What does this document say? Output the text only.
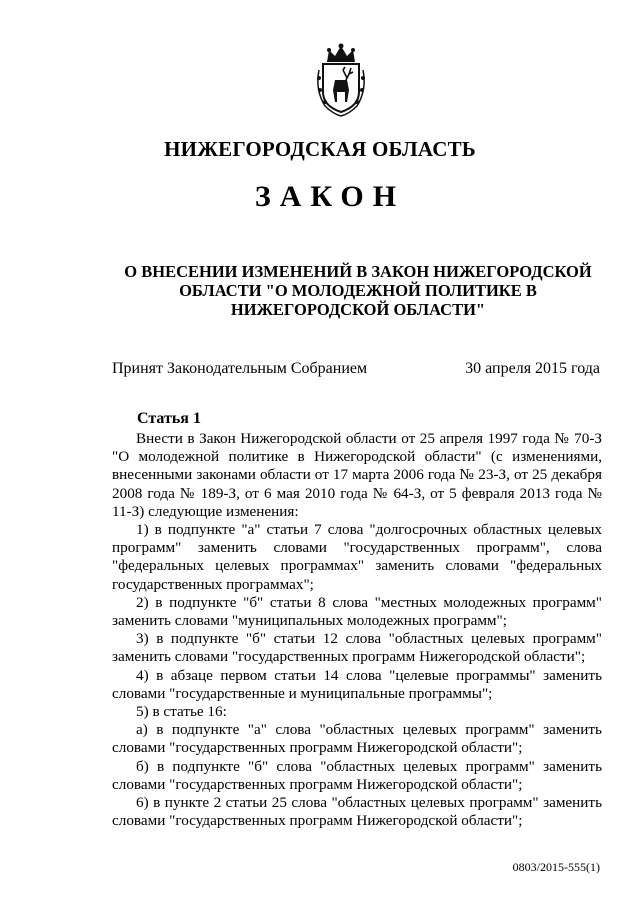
НИЖЕГОРОДСКАЯ ОБЛАСТЬ
ЗАКОН
О ВНЕСЕНИИ ИЗМЕНЕНИЙ В ЗАКОН НИЖЕГОРОДСКОЙ ОБЛАСТИ "О МОЛОДЕЖНОЙ ПОЛИТИКЕ В НИЖЕГОРОДСКОЙ ОБЛАСТИ"
Принят Законодательным Собранием	30 апреля 2015 года
Статья 1

Внести в Закон Нижегородской области от 25 апреля 1997 года № 70-З "О молодежной политике в Нижегородской области" (с изменениями, внесенными законами области от 17 марта 2006 года № 23-З, от 25 декабря 2008 года № 189-З, от 6 мая 2010 года № 64-З, от 5 февраля 2013 года № 11-З) следующие изменения:

1) в подпункте "а" статьи 7 слова "долгосрочных областных целевых программ" заменить словами "государственных программ", слова "федеральных целевых программах" заменить словами "федеральных государственных программах";

2) в подпункте "б" статьи 8 слова "местных молодежных программ" заменить словами "муниципальных молодежных программ";

3) в подпункте "б" статьи 12 слова "областных целевых программ" заменить словами "государственных программ Нижегородской области";

4) в абзаце первом статьи 14 слова "целевые программы" заменить словами "государственные и муниципальные программы";

5) в статье 16:

а) в подпункте "а" слова "областных целевых программ" заменить словами "государственных программ Нижегородской области";

б) в подпункте "б" слова "областных целевых программ" заменить словами "государственных программ Нижегородской области";

6) в пункте 2 статьи 25 слова "областных целевых программ" заменить словами "государственных программ Нижегородской области";

0803/2015-555(1)
